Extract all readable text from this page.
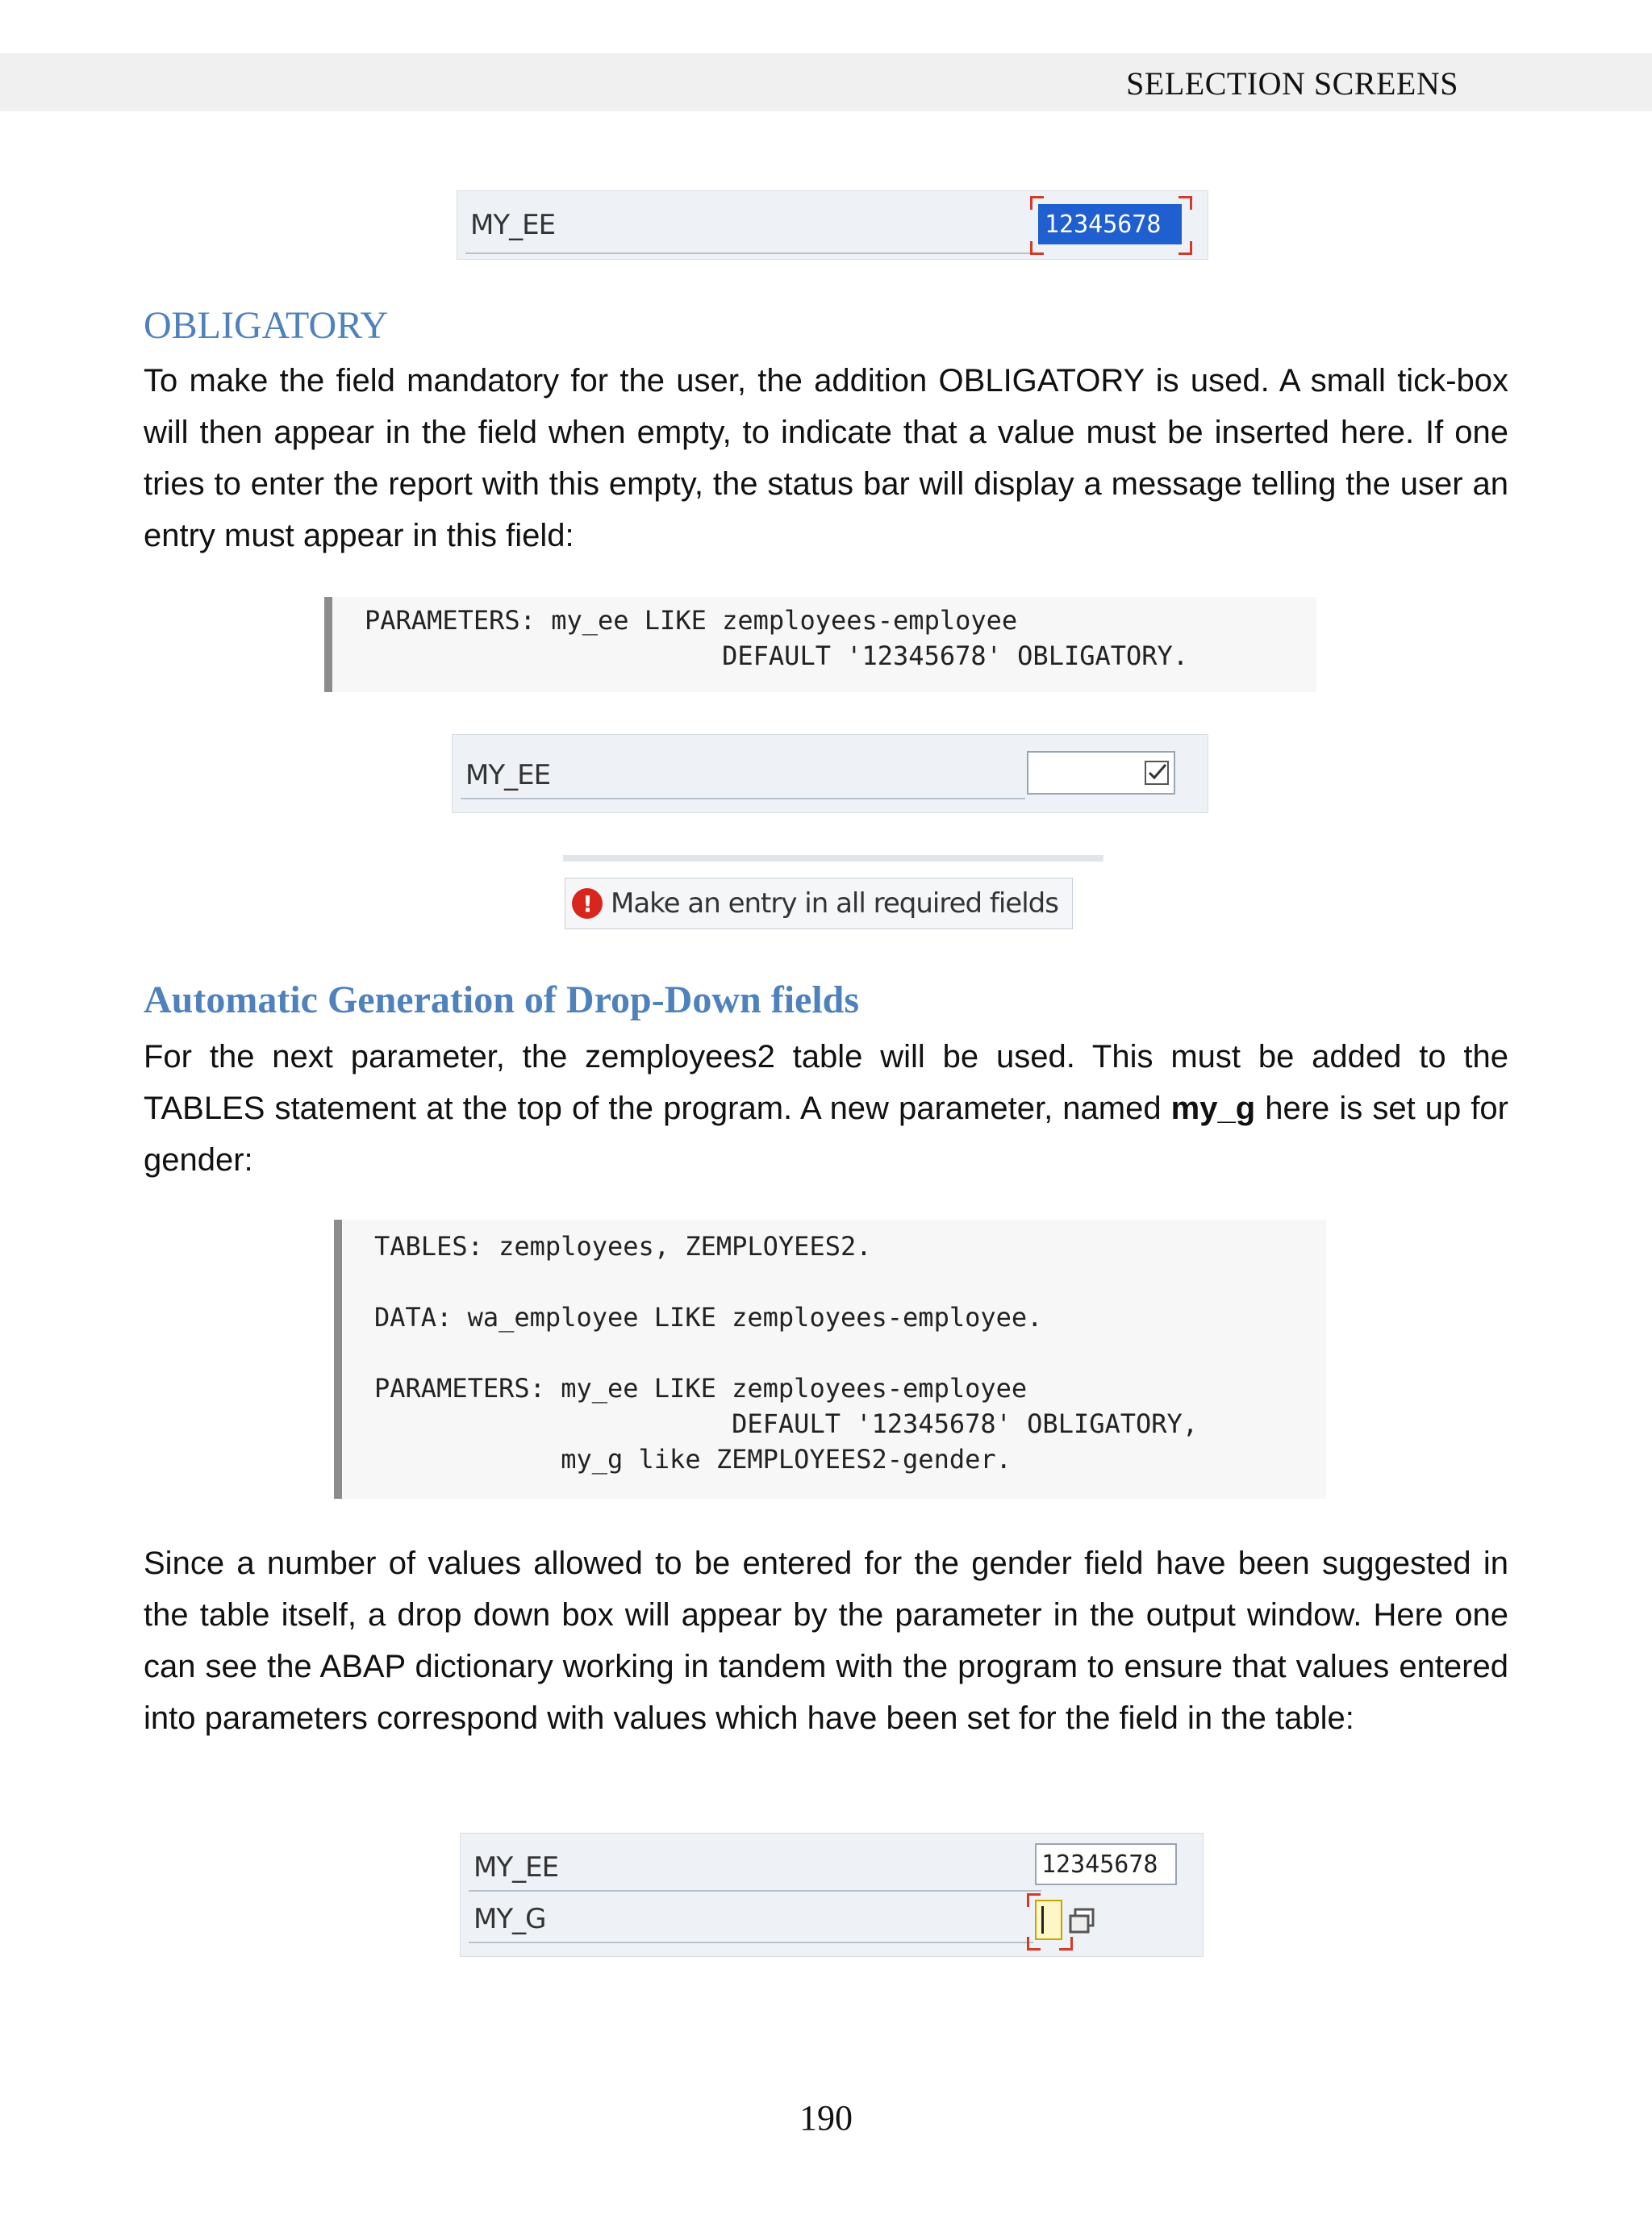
SELECTION SCREENS
MY_EE	12345678
OBLIGATORY

To make the field mandatory for the user, the addition OBLIGATORY is used. A small tick-box will then appear in the field when empty, to indicate that a value must be inserted here. If one tries to enter the report with this empty, the status bar will display a message telling the user an entry must appear in this field:

PARAMETERS: my_ee LIKE zemployees-employee
DEFAULT '12345678' OBLIGATORY.
MY_EE
! Make an entry in all required fields
Automatic Generation of Drop-Down fields

For the next parameter, the zemployees2 table will be used. This must be added to the TABLES statement at the top of the program. A new parameter, named my_g here is set up for gender:

TABLES: zemployees, ZEMPLOYEES2.
DATA: wa_employee LIKE zemployees-employee.
PARAMETERS: my_ee LIKE zemployees-employee
DEFAULT '12345678' OBLIGATORY,
my_g like ZEMPLOYEES2-gender.

Since a number of values allowed to be entered for the gender field have been suggested in the table itself, a drop down box will appear by the parameter in the output window. Here one can see the ABAP dictionary working in tandem with the program to ensure that values entered into parameters correspond with values which have been set for the field in the table:

MY_EE	12345678
MY_G
190
